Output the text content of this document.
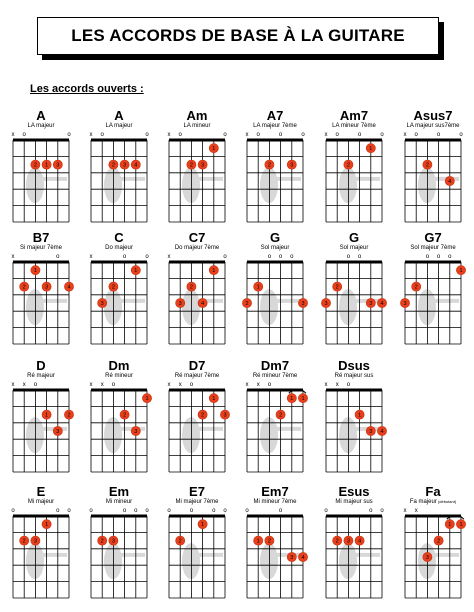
LES ACCORDS DE BASE À LA GUITARE
Les accords ouverts :
A
LA majeur
x o	o
2 1 3
A
LA majeur
x o	o
2 3 4
Am
LA mineur
x o	o
2 3
1
A7
LA majeur 7ème
x o	o	o
2	3
Am7
LA mineur 7ème
x o	o	o
2
1
Asus7
LA majeur sus7ème
x o	o	o
2
4
B7
Si majeur 7ème
x	o
2
1
3	4
C
Do majeur
x	o	o
3
2
1
C7
Do majeur 7ème
x	o
3
2
4
1
G
Sol majeur
o o o
2
1
3
G
Sol majeur
o o
3
2
3 4
G7
Sol majeur 7ème
o o o
3
2
1
D
Ré majeur
x x o
1
3
2
Dm
Ré mineur
x x o
2
3
1
D7
Ré majeur 7ème
x x o
2
1
3
Dm7
Ré mineur 7ème
x x o
2
1 1
Dsus
Ré majeur sus
x x o
1
3 4
E
Mi majeur
o	o o
2 3
1
Em
Mi mineur
o	o o o
2 3
E7
Mi majeur 7ème
o	o	o o
2
1
Em7
Mi mineur 7ème
o	o
1 2
3 4
Esus
Mi majeur sus
o	o o
2 3 4
Fa
Fa majeur (débutant)
x x
3
2
1 1
